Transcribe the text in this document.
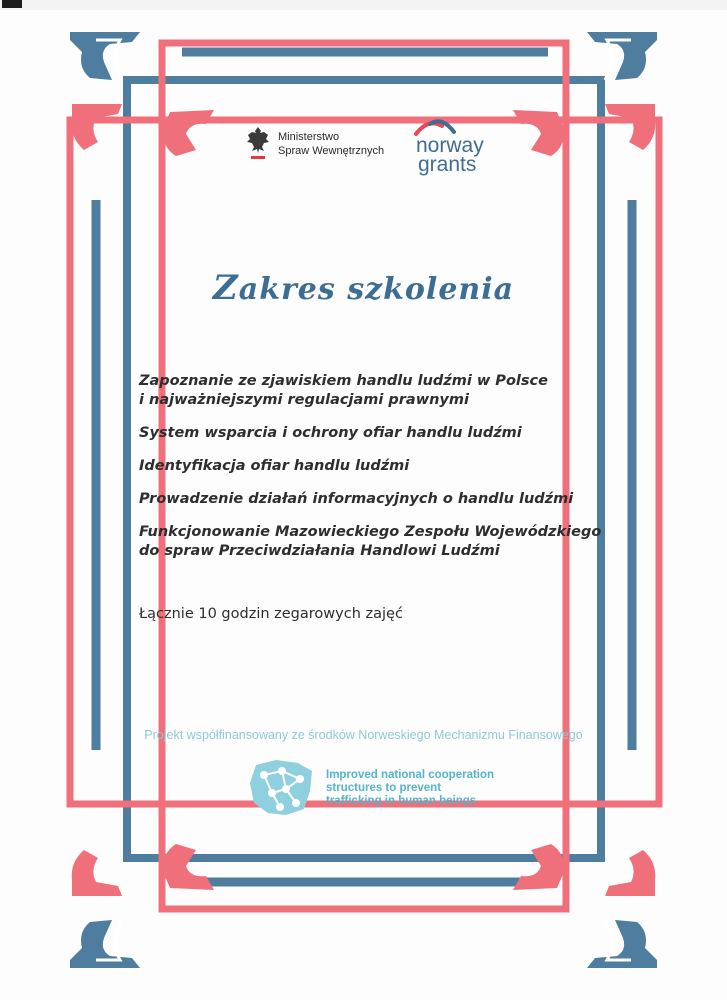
Ministerstwo
Spraw Wewnętrznych norway
grants
Zakres szkolenia
Zapoznanie ze zjawiskiem handlu ludźmi w Polsce
i najważniejszymi regulacjami prawnymi
System wsparcia i ochrony ofiar handlu ludźmi
Identyfikacja ofiar handlu ludźmi
Prowadzenie działań informacyjnych o handlu ludźmi
Funkcjonowanie Mazowieckiego Zespołu Wojewódzkiego
do spraw Przeciwdziałania Handlowi Ludźmi
Łącznie 10 godzin zegarowych zajęć
Projekt współfinansowany ze środków Norweskiego Mechanizmu Finansowego
Improved national cooperation
structures to prevent
trafficking in human beings
